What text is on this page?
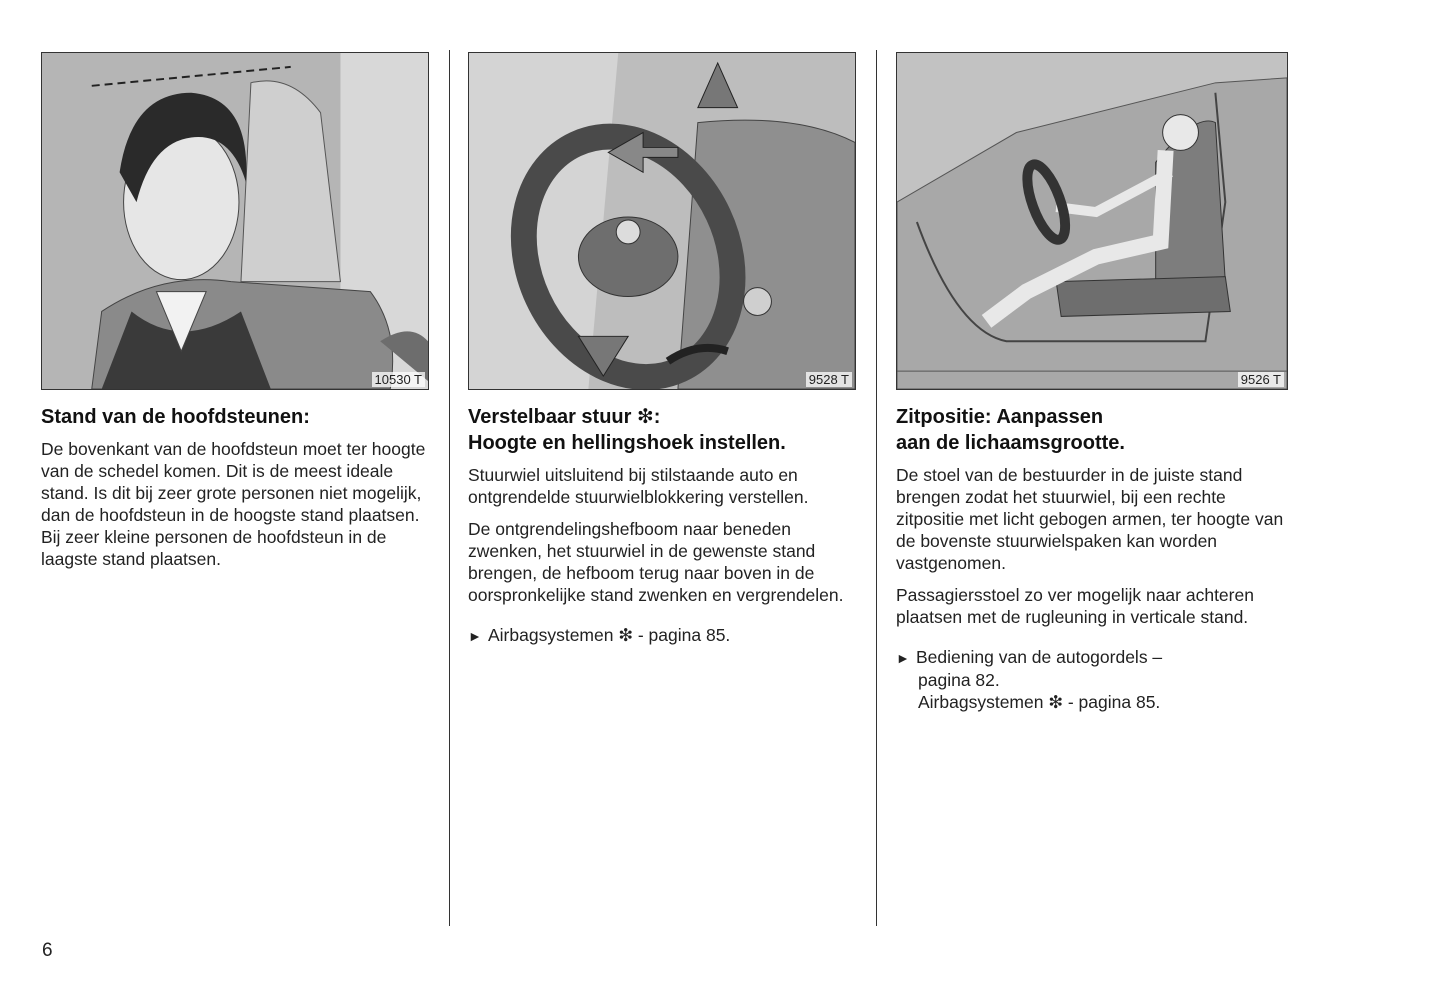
10530 T
Stand van de hoofdsteunen:

De bovenkant van de hoofdsteun moet ter hoogte van de schedel komen. Dit is de meest ideale stand. Is dit bij zeer grote personen niet mogelijk, dan de hoofdsteun in de hoogste stand plaatsen. Bij zeer kleine personen de hoofdsteun in de laagste stand plaatsen.

9528 T
Verstelbaar stuur ❇:
Hoogte en hellingshoek instellen.

Stuurwiel uitsluitend bij stilstaande auto en ontgrendelde stuurwielblokkering verstellen.

De ontgrendelingshefboom naar beneden zwenken, het stuurwiel in de gewenste stand brengen, de hefboom terug naar boven in de oorspronkelijke stand zwenken en vergrendelen.

► Airbagsystemen ❇ - pagina 85.
9526 T
Zitpositie: Aanpassen
aan de lichaamsgrootte.

De stoel van de bestuurder in de juiste stand brengen zodat het stuurwiel, bij een rechte zitpositie met licht gebogen armen, ter hoogte van de bovenste stuurwielspaken kan worden vastgenomen.

Passagiersstoel zo ver mogelijk naar achteren plaatsen met de rugleuning in verticale stand.

► Bediening van de autogordels –
pagina 82.
Airbagsystemen ❇ - pagina 85.
6
